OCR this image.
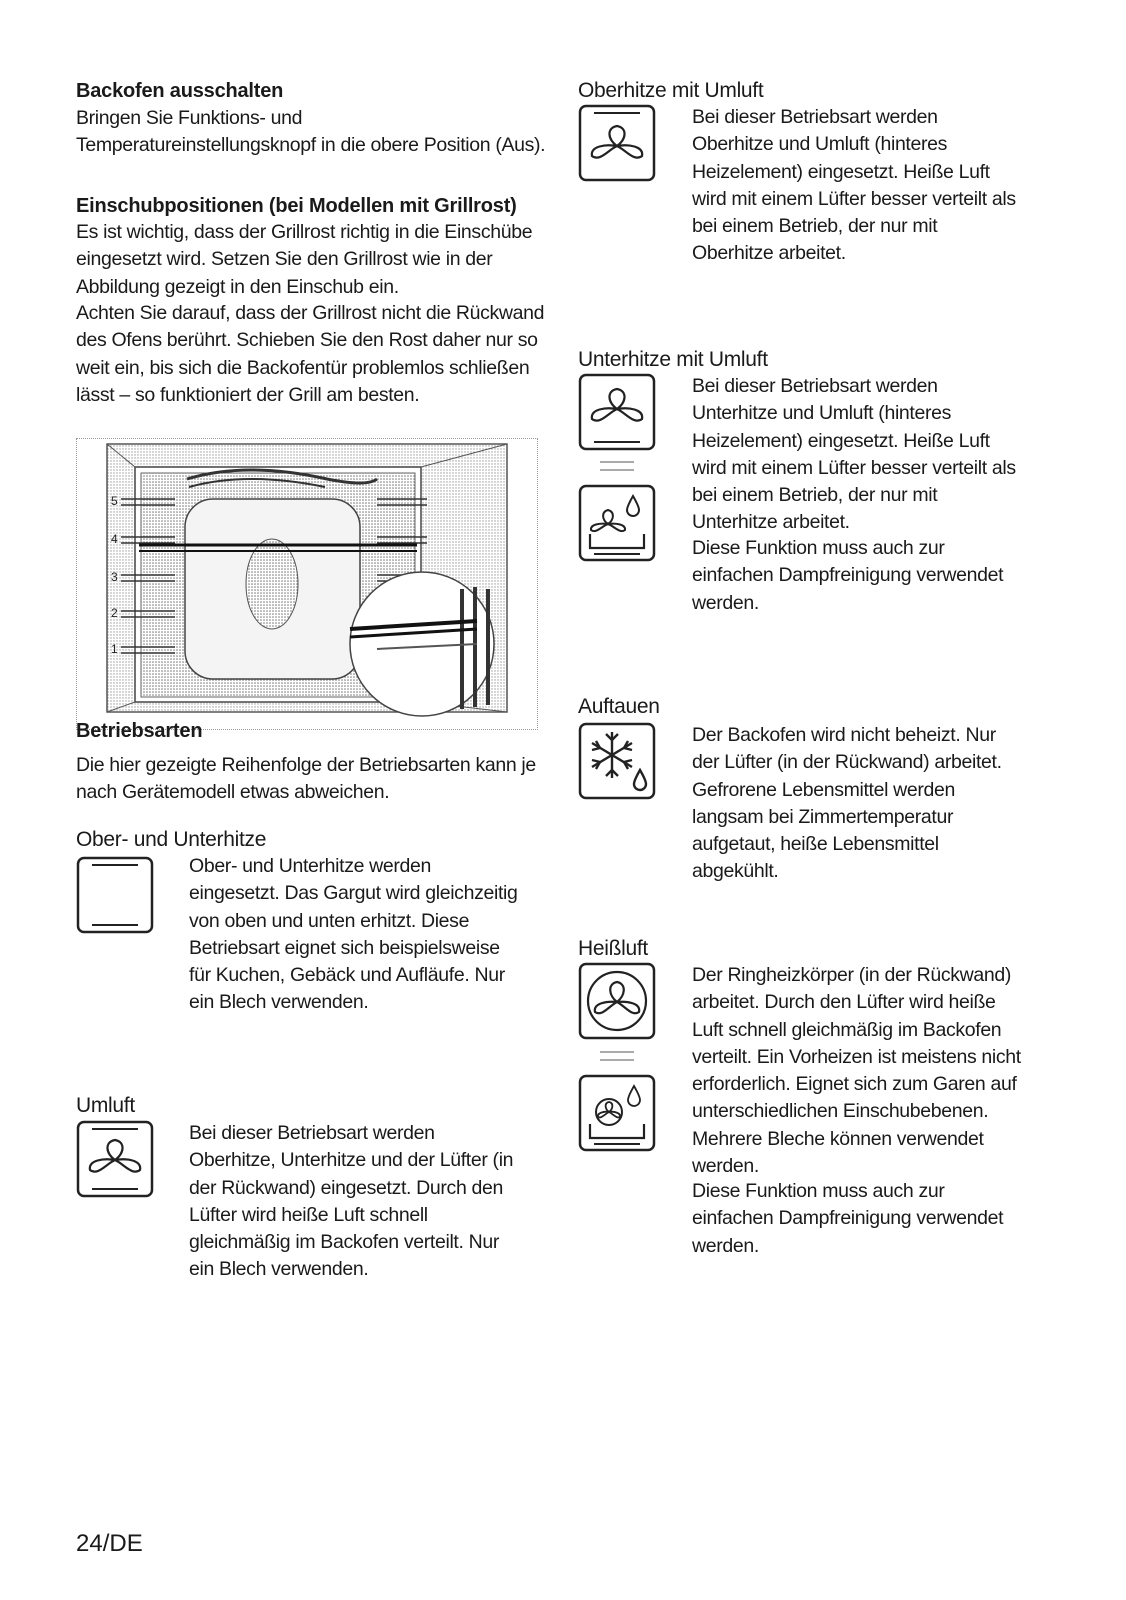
Backofen ausschalten

Bringen Sie Funktions- und Temperatureinstellungsknopf in die obere Position (Aus).

Einschubpositionen (bei Modellen mit Grillrost)

Es ist wichtig, dass der Grillrost richtig in die Einschübe eingesetzt wird. Setzen Sie den Grillrost wie in der Abbildung gezeigt in den Einschub ein.

Achten Sie darauf, dass der Grillrost nicht die Rückwand des Ofens berührt. Schieben Sie den Rost daher nur so weit ein, bis sich die Backofentür problemlos schließen lässt – so funktioniert der Grill am besten.

5
4
3
2
1

Betriebsarten

Die hier gezeigte Reihenfolge der Betriebsarten kann je nach Gerätemodell etwas abweichen.

Ober- und Unterhitze

Ober- und Unterhitze werden eingesetzt. Das Gargut wird gleichzeitig von oben und unten erhitzt. Diese Betriebsart eignet sich beispielsweise für Kuchen, Gebäck und Aufläufe. Nur ein Blech verwenden.

Umluft

Bei dieser Betriebsart werden Oberhitze, Unterhitze und der Lüfter (in der Rückwand) eingesetzt. Durch den Lüfter wird heiße Luft schnell gleichmäßig im Backofen verteilt. Nur ein Blech verwenden.

Oberhitze mit Umluft

Bei dieser Betriebsart werden Oberhitze und Umluft (hinteres Heizelement) eingesetzt. Heiße Luft wird mit einem Lüfter besser verteilt als bei einem Betrieb, der nur mit Oberhitze arbeitet.

Unterhitze mit Umluft

Bei dieser Betriebsart werden Unterhitze und Umluft (hinteres Heizelement) eingesetzt. Heiße Luft wird mit einem Lüfter besser verteilt als bei einem Betrieb, der nur mit Unterhitze arbeitet.

Diese Funktion muss auch zur einfachen Dampfreinigung verwendet werden.

Auftauen

Der Backofen wird nicht beheizt. Nur der Lüfter (in der Rückwand) arbeitet. Gefrorene Lebensmittel werden langsam bei Zimmertemperatur aufgetaut, heiße Lebensmittel abgekühlt.

Heißluft

Der Ringheizkörper (in der Rückwand) arbeitet. Durch den Lüfter wird heiße Luft schnell gleichmäßig im Backofen verteilt. Ein Vorheizen ist meistens nicht erforderlich. Eignet sich zum Garen auf unterschiedlichen Einschubebenen. Mehrere Bleche können verwendet werden.

Diese Funktion muss auch zur einfachen Dampfreinigung verwendet werden.

24/DE
